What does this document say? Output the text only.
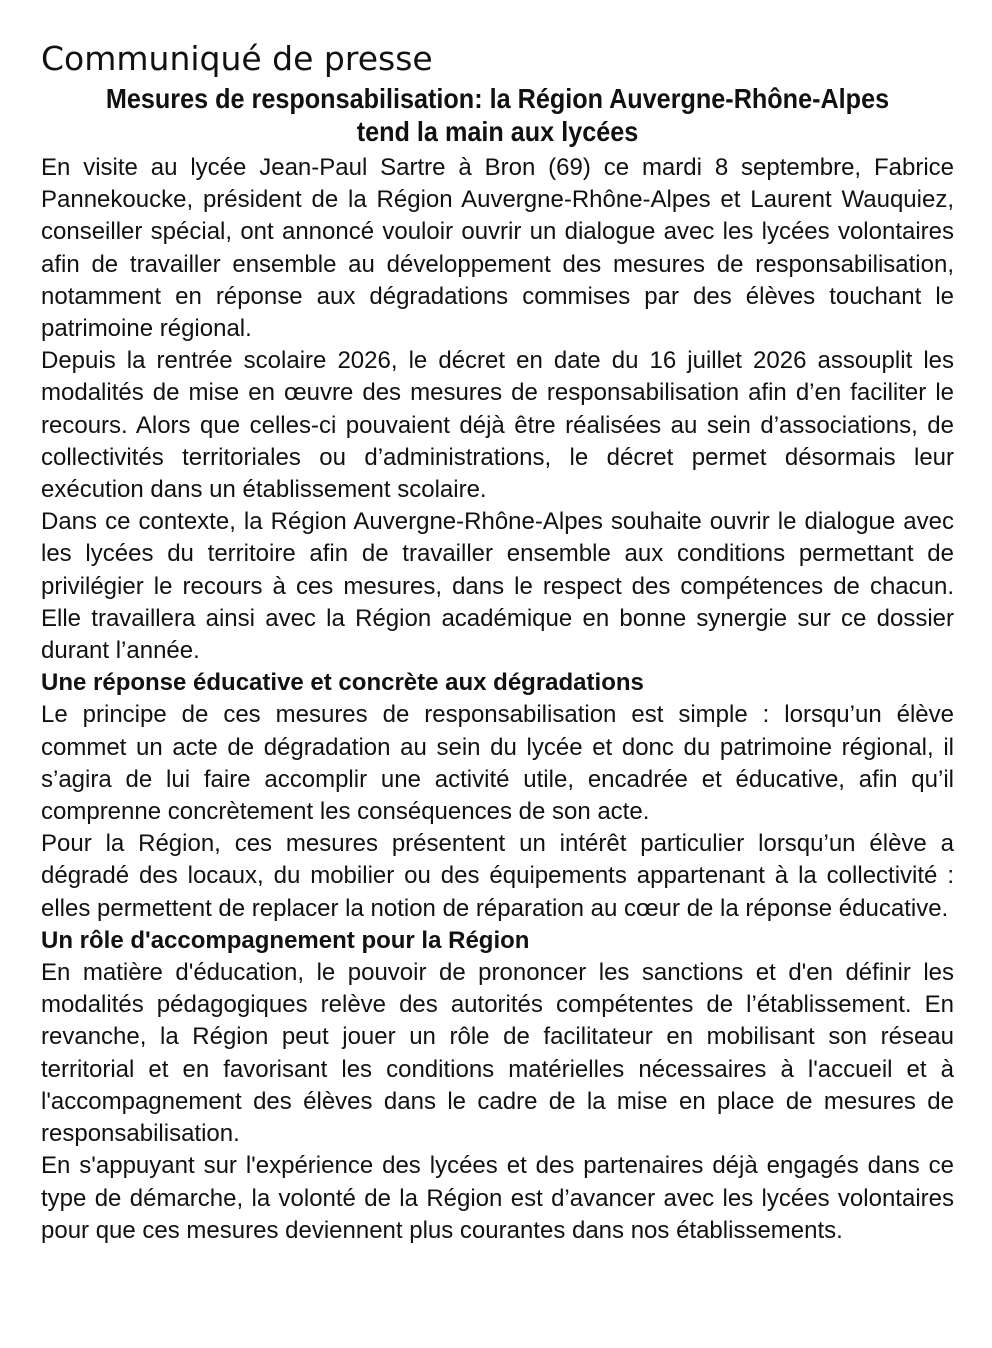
Communiqué de presse
Mesures de responsabilisation: la Région Auvergne-Rhône-Alpes
tend la main aux lycées

En visite au lycée Jean-Paul Sartre à Bron (69) ce mardi 8 septembre, Fabrice Pannekoucke, président de la Région Auvergne-Rhône-Alpes et Laurent Wauquiez, conseiller spécial, ont annoncé vouloir ouvrir un dialogue avec les lycées volontaires afin de travailler ensemble au développement des mesures de responsabilisation, notamment en réponse aux dégradations commises par des élèves touchant le patrimoine régional.

Depuis la rentrée scolaire 2026, le décret en date du 16 juillet 2026 assouplit les modalités de mise en œuvre des mesures de responsabilisation afin d’en faciliter le recours. Alors que celles-ci pouvaient déjà être réalisées au sein d’associations, de collectivités territoriales ou d’administrations, le décret permet désormais leur exécution dans un établissement scolaire.

Dans ce contexte, la Région Auvergne-Rhône-Alpes souhaite ouvrir le dialogue avec les lycées du territoire afin de travailler ensemble aux conditions permettant de privilégier le recours à ces mesures, dans le respect des compétences de chacun. Elle travaillera ainsi avec la Région académique en bonne synergie sur ce dossier durant l’année.

Une réponse éducative et concrète aux dégradations

Le principe de ces mesures de responsabilisation est simple : lorsqu’un élève commet un acte de dégradation au sein du lycée et donc du patrimoine régional, il s’agira de lui faire accomplir une activité utile, encadrée et éducative, afin qu’il comprenne concrètement les conséquences de son acte.

Pour la Région, ces mesures présentent un intérêt particulier lorsqu’un élève a dégradé des locaux, du mobilier ou des équipements appartenant à la collectivité : elles permettent de replacer la notion de réparation au cœur de la réponse éducative.

Un rôle d'accompagnement pour la Région

En matière d'éducation, le pouvoir de prononcer les sanctions et d'en définir les modalités pédagogiques relève des autorités compétentes de l’établissement. En revanche, la Région peut jouer un rôle de facilitateur en mobilisant son réseau territorial et en favorisant les conditions matérielles nécessaires à l'accueil et à l'accompagnement des élèves dans le cadre de la mise en place de mesures de responsabilisation.

En s'appuyant sur l'expérience des lycées et des partenaires déjà engagés dans ce type de démarche, la volonté de la Région est d’avancer avec les lycées volontaires pour que ces mesures deviennent plus courantes dans nos établissements.
